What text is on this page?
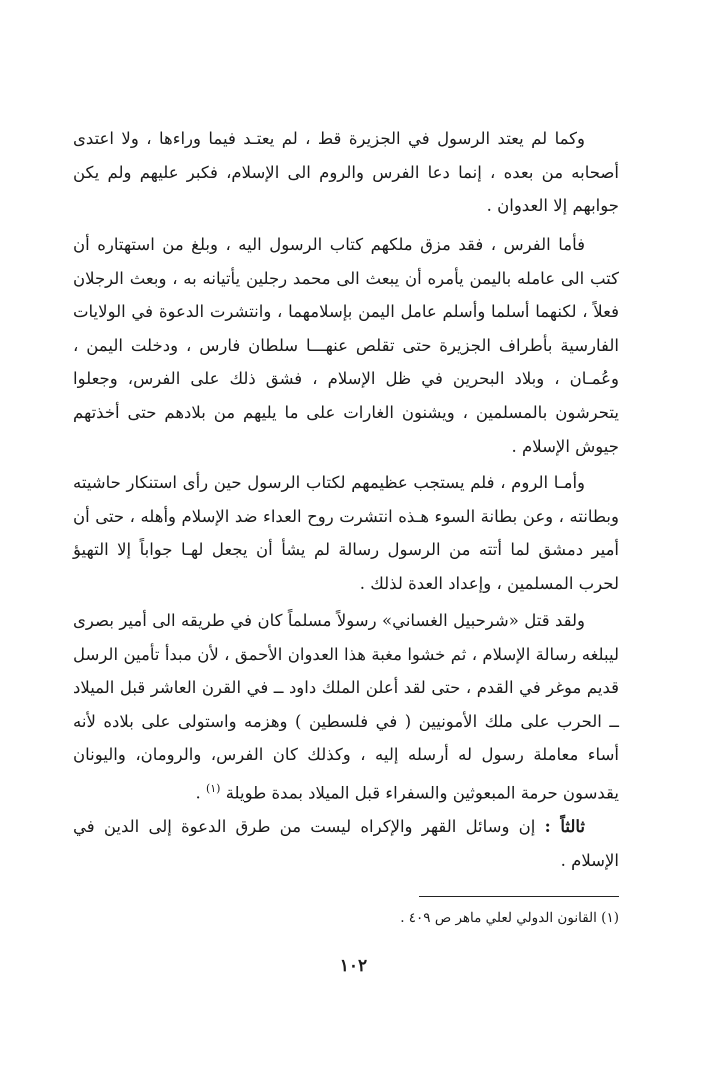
وكما لم يعتد الرسول في الجزيرة قط ، لم يعتـد فيما وراءها ، ولا اعتدى أصحابه من بعده ، إنما دعا الفرس والروم الى الإسلام، فكبر عليهم ولم يكن جوابهم إلا العدوان .

فأما الفرس ، فقد مزق ملكهم كتاب الرسول اليه ، وبلغ من استهتاره أن كتب الى عامله باليمن يأمره أن يبعث الى محمد رجلين يأتيانه به ، وبعث الرجلان فعلاً ، لكنهما أسلما وأسلم عامل اليمن بإسلامهما ، وانتشرت الدعوة في الولايات الفارسية بأطراف الجزيرة حتى تقلص عنهـــا سلطان فارس ، ودخلت اليمن ، وعُمـان ، وبلاد البحرين في ظل الإسلام ، فشق ذلك على الفرس، وجعلوا يتحرشون بالمسلمين ، ويشنون الغارات على ما يليهم من بلادهم حتى أخذتهم جيوش الإسلام .

وأمـا الروم ، فلم يستجب عظيمهم لكتاب الرسول حين رأى استنكار حاشيته وبطانته ، وعن بطانة السوء هـذه انتشرت روح العداء ضد الإسلام وأهله ، حتى أن أمير دمشق لما أتته من الرسول رسالة لم يشأ أن يجعل لهـا جواباً إلا التهيؤ لحرب المسلمين ، وإعداد العدة لذلك .

ولقد قتل «شرحبيل الغساني» رسولاً مسلماً كان في طريقه الى أمير بصرى ليبلغه رسالة الإسلام ، ثم خشوا مغبة هذا العدوان الأحمق ، لأن مبدأ تأمين الرسل قديم موغر في القدم ، حتى لقد أعلن الملك داود ــ في القرن العاشر قبل الميلاد ــ الحرب على ملك الأمونيين ( في فلسطين ) وهزمه واستولى على بلاده لأنه أساء معاملة رسول له أرسله إليه ، وكذلك كان الفرس، والرومان، واليونان يقدسون حرمة المبعوثين والسفراء قبل الميلاد بمدة طويلة $^{(١)}$ .

ثالثاً : إن وسائل القهر والإكراه ليست من طرق الدعوة إلى الدين في الإسلام .

(١) القانون الدولي لعلي ماهر ص ٤٠٩ .

١٠٢
